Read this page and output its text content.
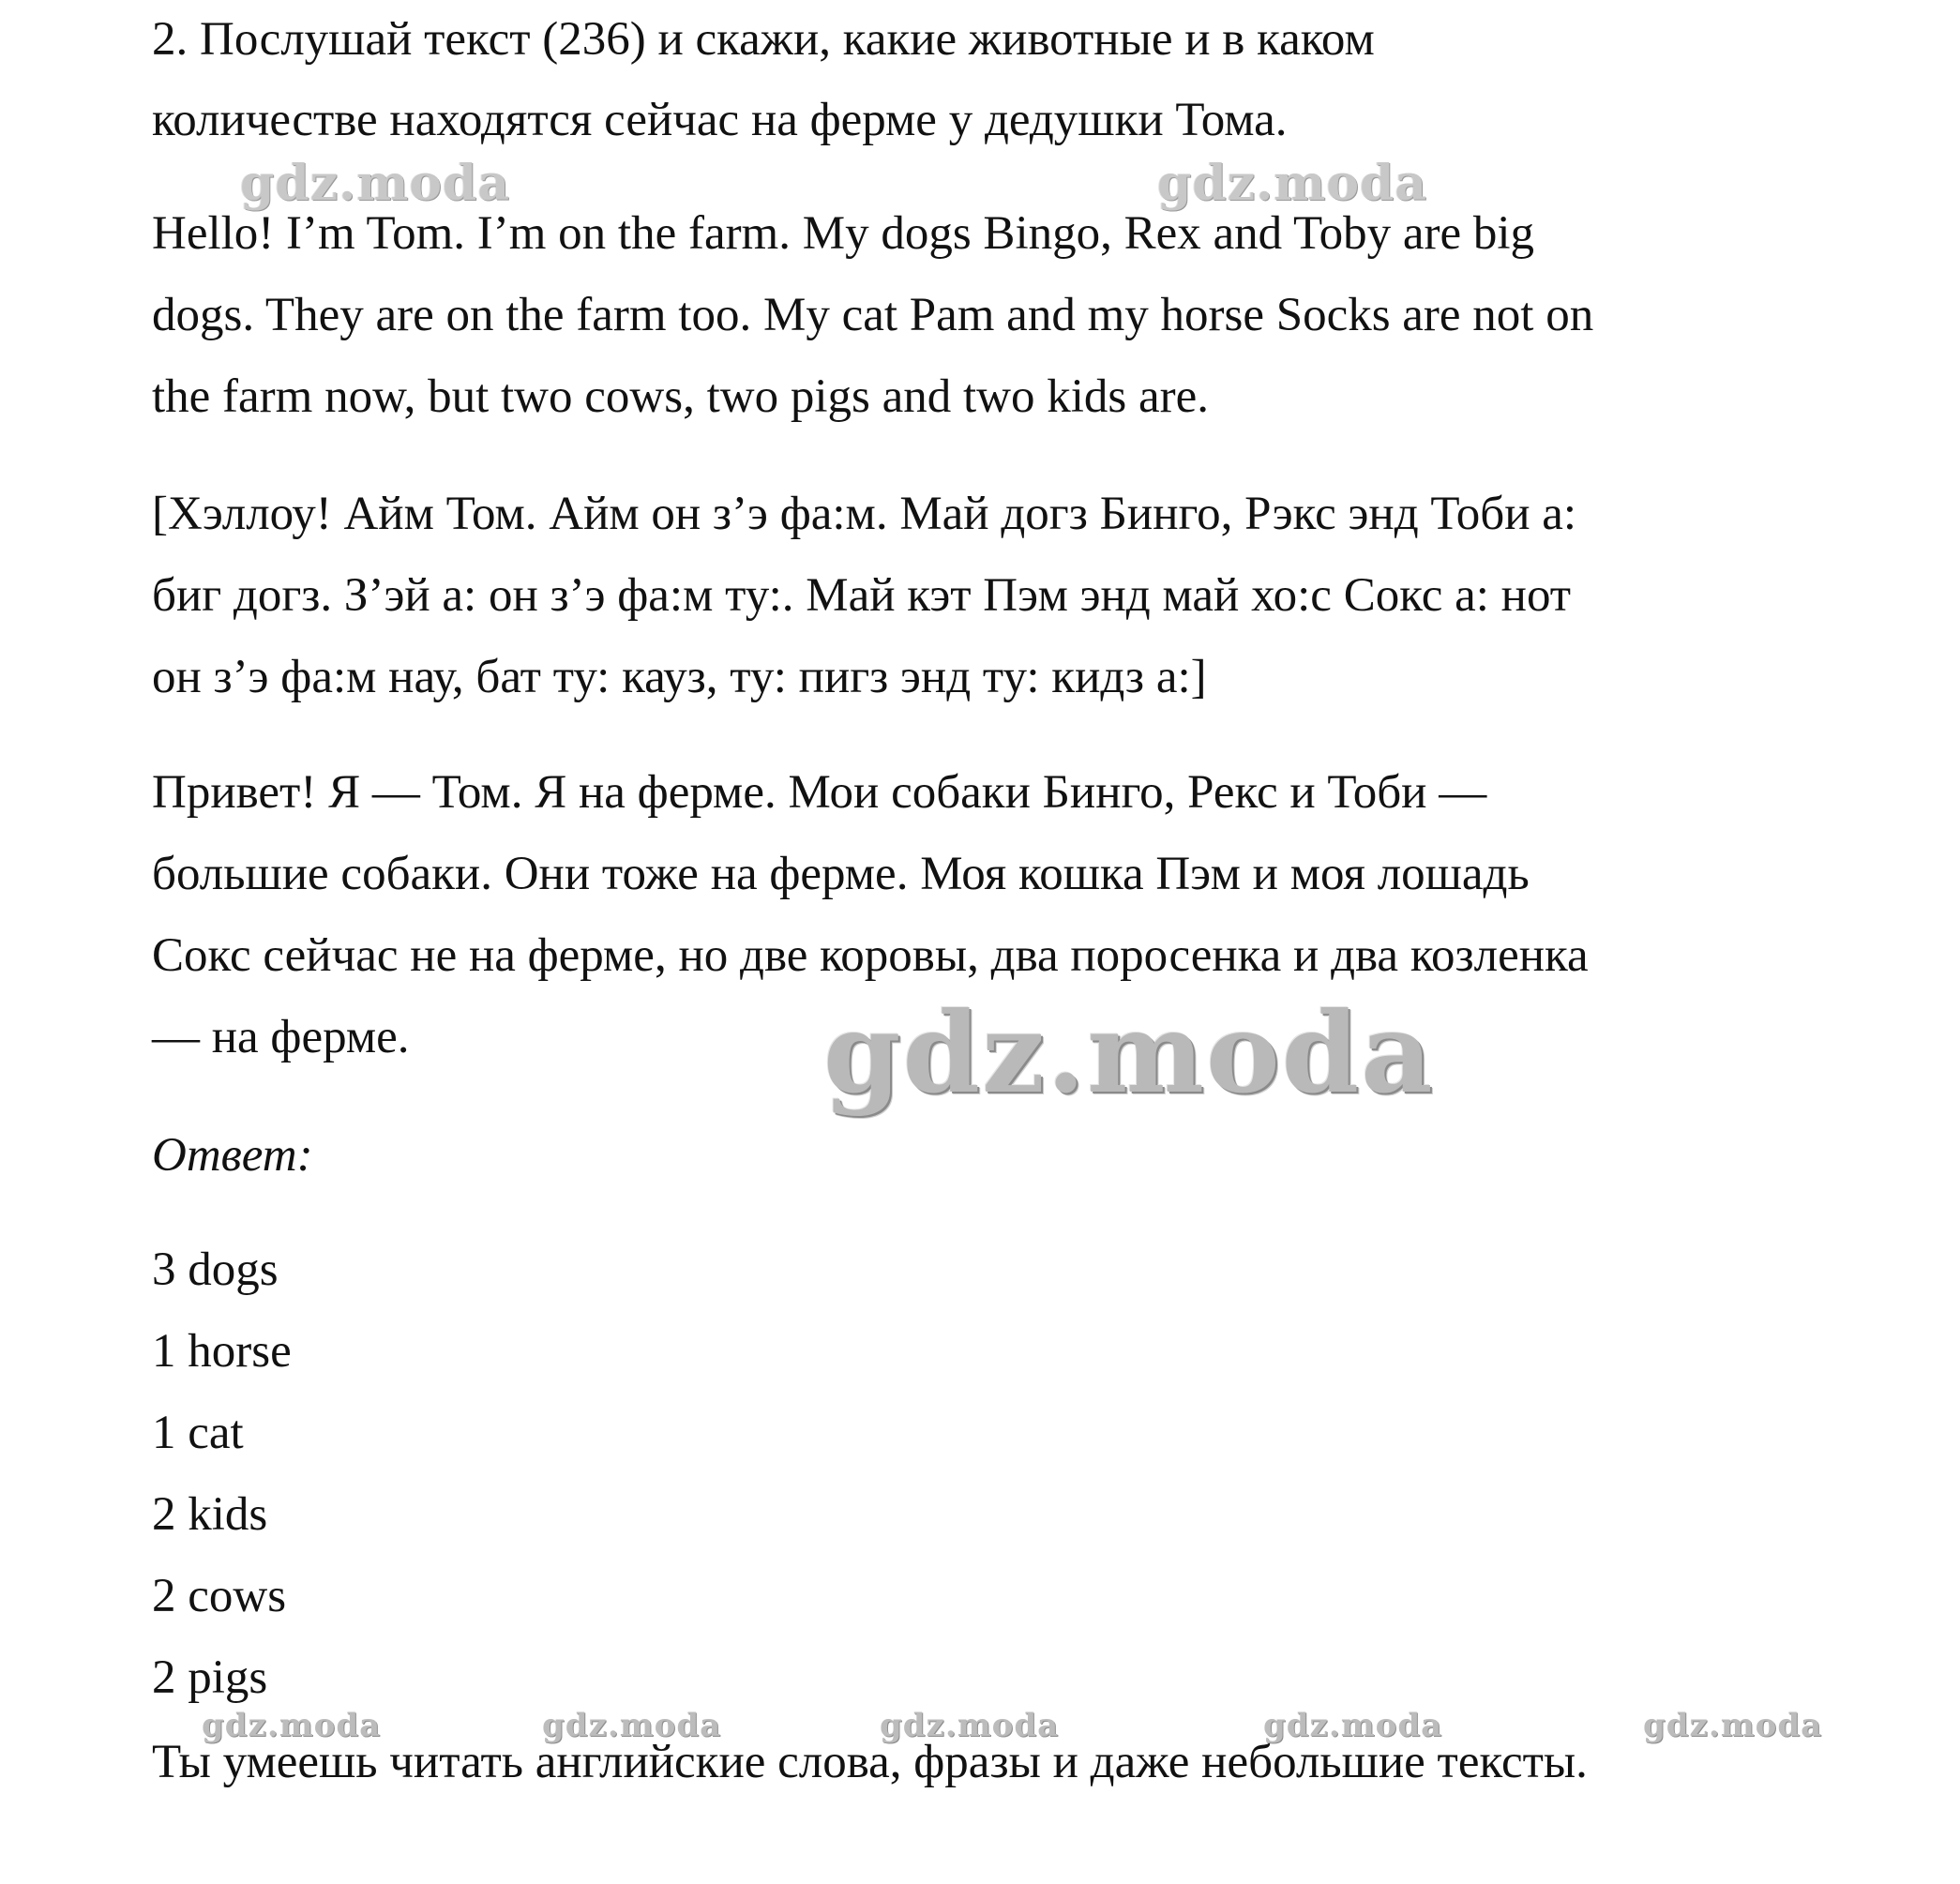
2. Послушай текст (236) и скажи, какие животные и в каком
количестве находятся сейчас на ферме у дедушки Тома.
Hello! I’m Tom. I’m on the farm. My dogs Bingo, Rex and Toby are big
dogs. They are on the farm too. My cat Pam and my horse Socks are not on
the farm now, but two cows, two pigs and two kids are.
[Хэллоу! Айм Том. Айм он з’э фа:м. Май догз Бинго, Рэкс энд Тоби а:
биг догз. З’эй а: он з’э фа:м ту:. Май кэт Пэм энд май хо:с Сокс а: нот
он з’э фа:м нау, бат ту: кауз, ту: пигз энд ту: кидз а:]
Привет! Я — Том. Я на ферме. Мои собаки Бинго, Рекс и Тоби —
большие собаки. Они тоже на ферме. Моя кошка Пэм и моя лошадь
Сокс сейчас не на ферме, но две коровы, два поросенка и два козленка
— на ферме.
Ответ:
3 dogs
1 horse
1 cat
2 kids
2 cows
2 pigs
Ты умеешь читать английские слова, фразы и даже небольшие тексты.
gdz.moda	gdz.moda
gdz.moda
gdz.moda	gdz.moda	gdz.moda	gdz.moda	gdz.moda
